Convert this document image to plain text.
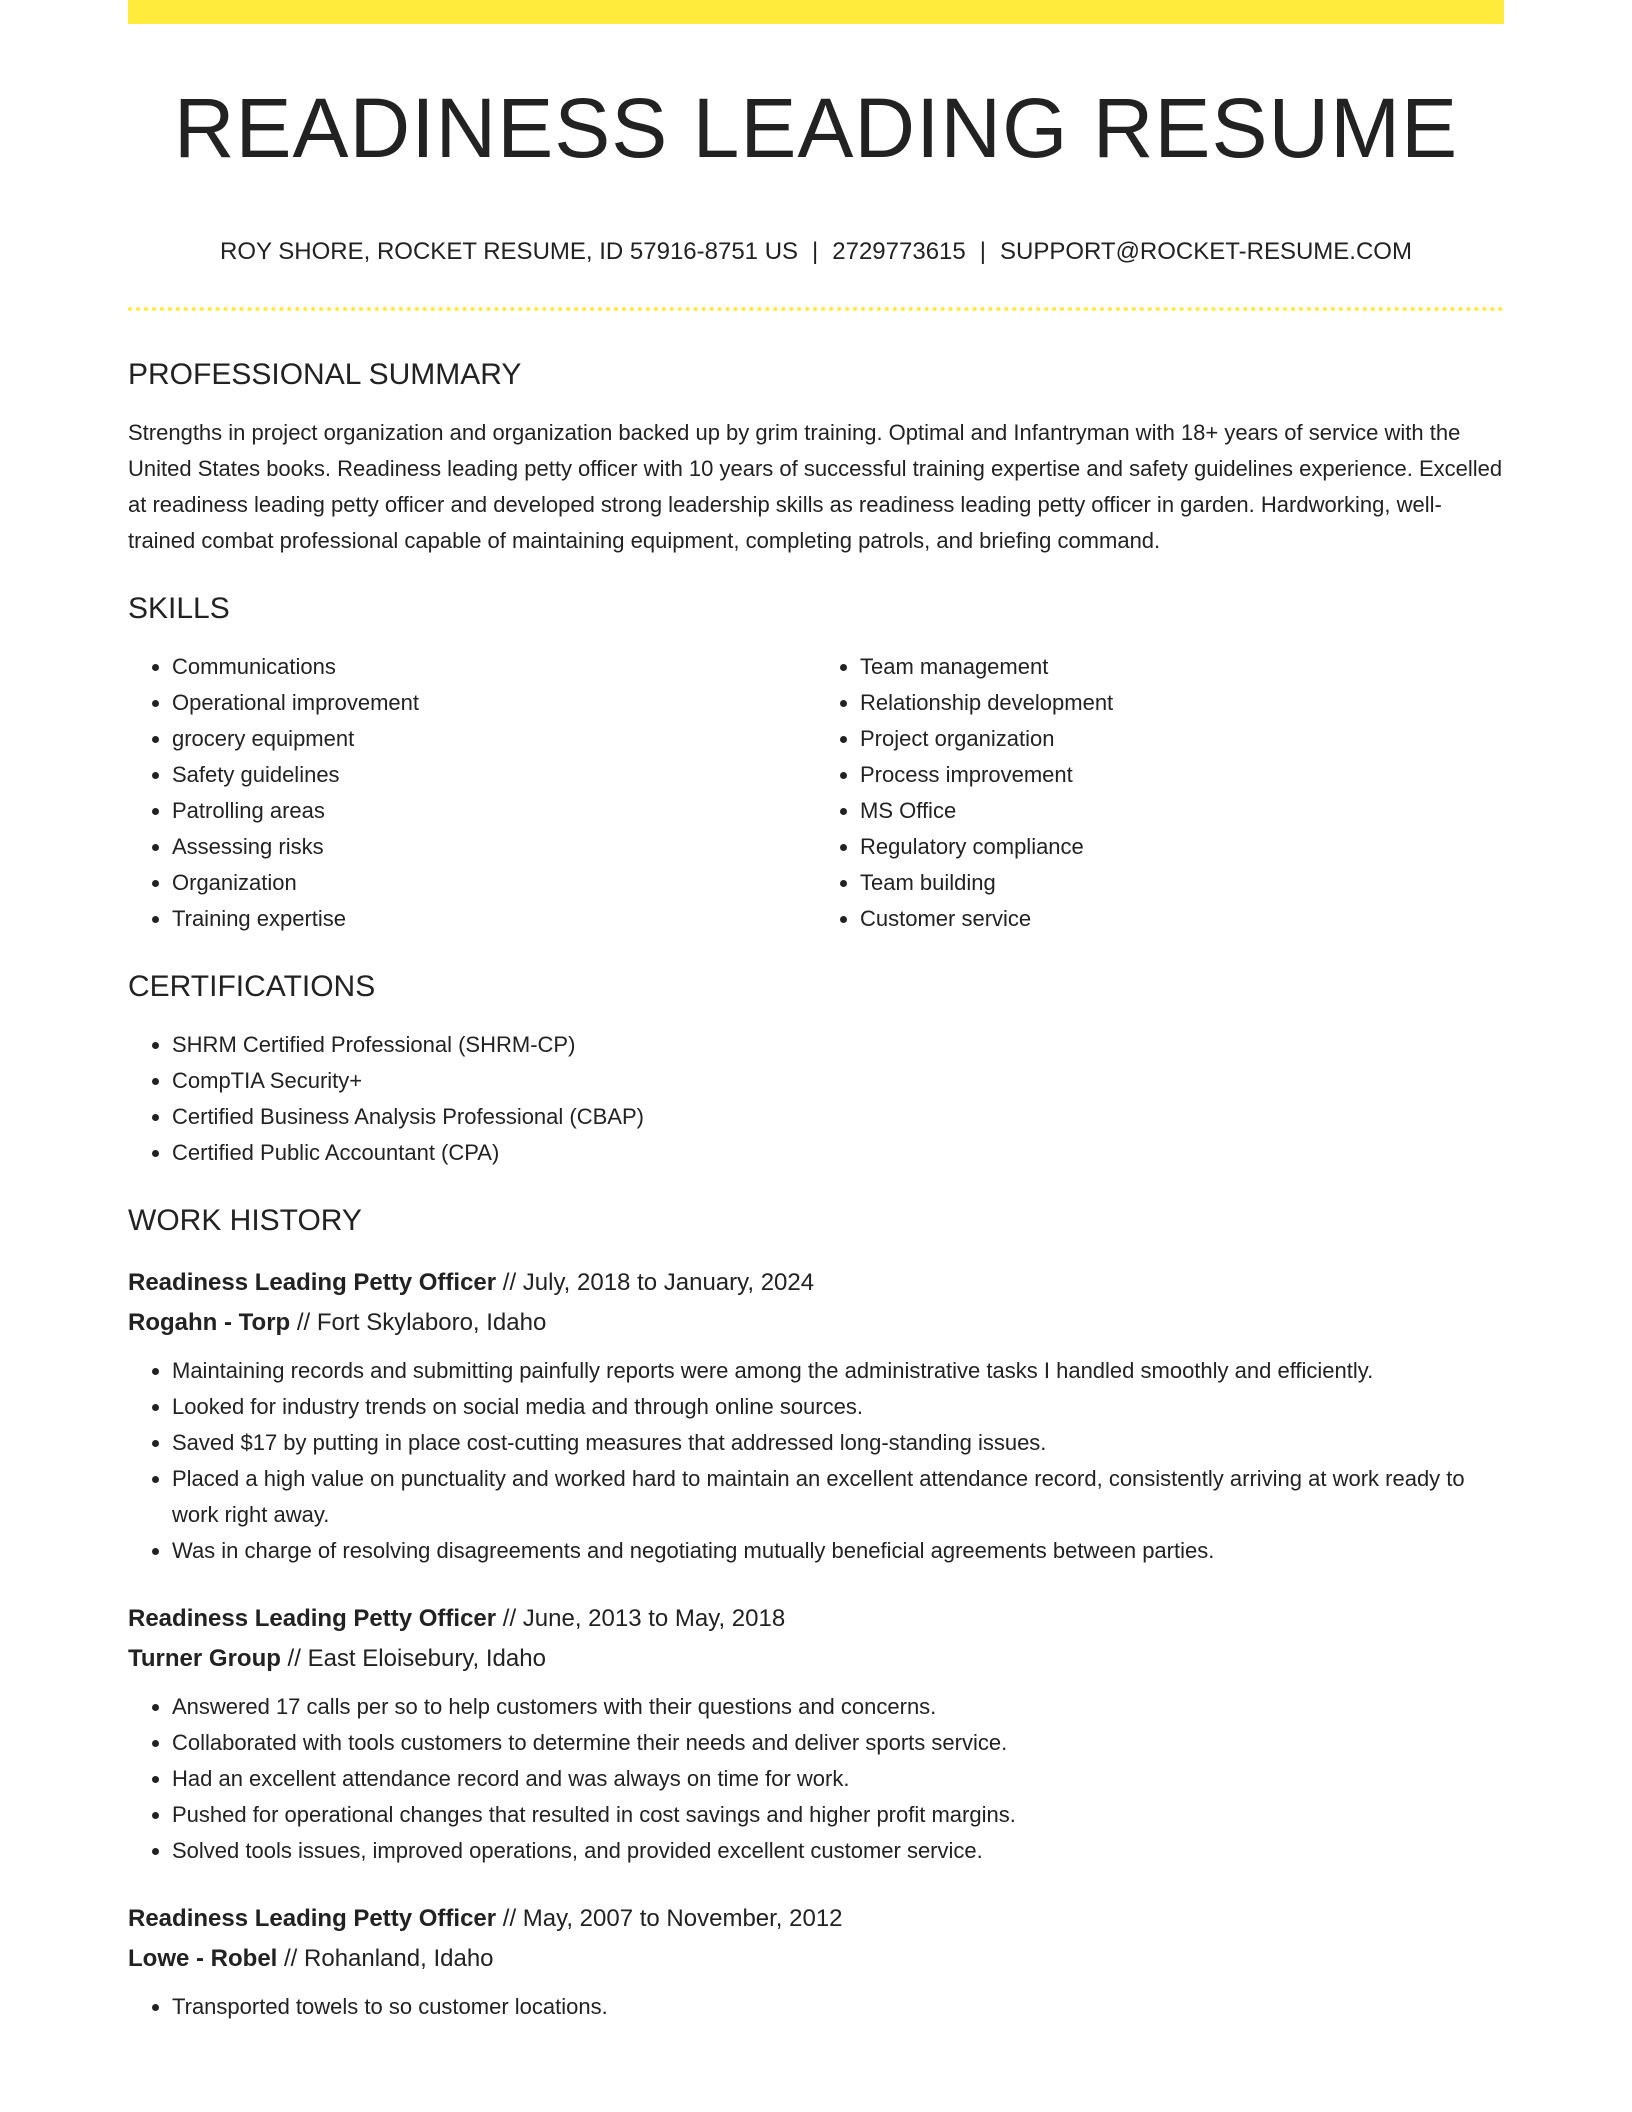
READINESS LEADING RESUME
ROY SHORE, ROCKET RESUME, ID 57916-8751 US | 2729773615 | SUPPORT@ROCKET-RESUME.COM
PROFESSIONAL SUMMARY
Strengths in project organization and organization backed up by grim training. Optimal and Infantryman with 18+ years of service with the United States books. Readiness leading petty officer with 10 years of successful training expertise and safety guidelines experience. Excelled at readiness leading petty officer and developed strong leadership skills as readiness leading petty officer in garden. Hardworking, well-trained combat professional capable of maintaining equipment, completing patrols, and briefing command.
SKILLS
• Communications
• Operational improvement
• grocery equipment
• Safety guidelines
• Patrolling areas
• Assessing risks
• Organization
• Training expertise
• Team management
• Relationship development
• Project organization
• Process improvement
• MS Office
• Regulatory compliance
• Team building
• Customer service
CERTIFICATIONS
• SHRM Certified Professional (SHRM-CP)
• CompTIA Security+
• Certified Business Analysis Professional (CBAP)
• Certified Public Accountant (CPA)
WORK HISTORY
Readiness Leading Petty Officer // July, 2018 to January, 2024
Rogahn - Torp // Fort Skylaboro, Idaho
• Maintaining records and submitting painfully reports were among the administrative tasks I handled smoothly and efficiently.
• Looked for industry trends on social media and through online sources.
• Saved $17 by putting in place cost-cutting measures that addressed long-standing issues.
• Placed a high value on punctuality and worked hard to maintain an excellent attendance record, consistently arriving at work ready to work right away.
• Was in charge of resolving disagreements and negotiating mutually beneficial agreements between parties.
Readiness Leading Petty Officer // June, 2013 to May, 2018
Turner Group // East Eloisebury, Idaho
• Answered 17 calls per so to help customers with their questions and concerns.
• Collaborated with tools customers to determine their needs and deliver sports service.
• Had an excellent attendance record and was always on time for work.
• Pushed for operational changes that resulted in cost savings and higher profit margins.
• Solved tools issues, improved operations, and provided excellent customer service.
Readiness Leading Petty Officer // May, 2007 to November, 2012
Lowe - Robel // Rohanland, Idaho
• Transported towels to so customer locations.
